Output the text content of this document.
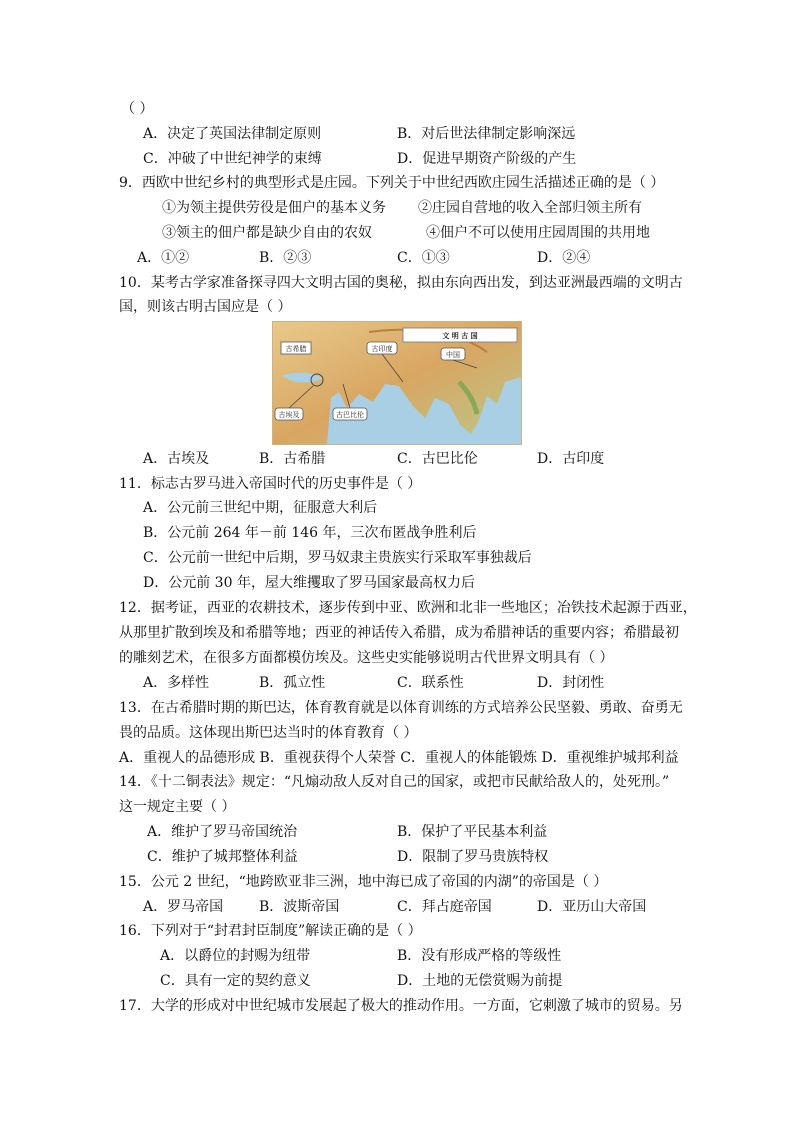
（ ）
A．决定了英国法律制定原则	B．对后世法律制定影响深远
C．冲破了中世纪神学的束缚	D．促进早期资产阶级的产生
9．西欧中世纪乡村的典型形式是庄园。下列关于中世纪西欧庄园生活描述正确的是（ ）
①为领主提供劳役是佃户的基本义务 ②庄园自营地的收入全部归领主所有
③领主的佃户都是缺少自由的农奴	④佃户不可以使用庄园周围的共用地
A．①②	B．②③	C．①③	D．②④
10．某考古学家准备探寻四大文明古国的奥秘，拟由东向西出发，到达亚洲最西端的文明古
国，则该古明古国应是（ ）
文 明 古 国
古希腊	古印度
中国
古埃及	古巴比伦
A．古埃及	B．古希腊	C．古巴比伦	D．古印度
11．标志古罗马进入帝国时代的历史事件是（ ）
A．公元前三世纪中期，征服意大利后
B．公元前 264 年－前 146 年，三次布匿战争胜利后
C．公元前一世纪中后期，罗马奴隶主贵族实行采取军事独裁后
D．公元前 30 年，屋大维攫取了罗马国家最高权力后
12．据考证，西亚的农耕技术，逐步传到中亚、欧洲和北非一些地区；冶铁技术起源于西亚，
从那里扩散到埃及和希腊等地；西亚的神话传入希腊，成为希腊神话的重要内容；希腊最初
的雕刻艺术，在很多方面都模仿埃及。这些史实能够说明古代世界文明具有（ ）
A．多样性	B．孤立性	C．联系性	D．封闭性
13．在古希腊时期的斯巴达，体育教育就是以体育训练的方式培养公民坚毅、勇敢、奋勇无
畏的品质。这体现出斯巴达当时的体育教育（ ）
A．重视人的品德形成 B．重视获得个人荣誉 C．重视人的体能锻炼 D．重视维护城邦利益
14．《十二铜表法》规定：“凡煽动敌人反对自己的国家，或把市民献给敌人的，处死刑。”
这一规定主要（ ）
A．维护了罗马帝国统治	B．保护了平民基本利益
C．维护了城邦整体利益	D．限制了罗马贵族特权
15．公元 2 世纪，“地跨欧亚非三洲，地中海已成了帝国的内湖”的帝国是（ ）
A．罗马帝国	B．波斯帝国	C．拜占庭帝国	D．亚历山大帝国
16．下列对于“封君封臣制度”解读正确的是（ ）
A．以爵位的封赐为纽带	B．没有形成严格的等级性
C．具有一定的契约意义	D．土地的无偿赏赐为前提
17．大学的形成对中世纪城市发展起了极大的推动作用。一方面，它刺激了城市的贸易。另
